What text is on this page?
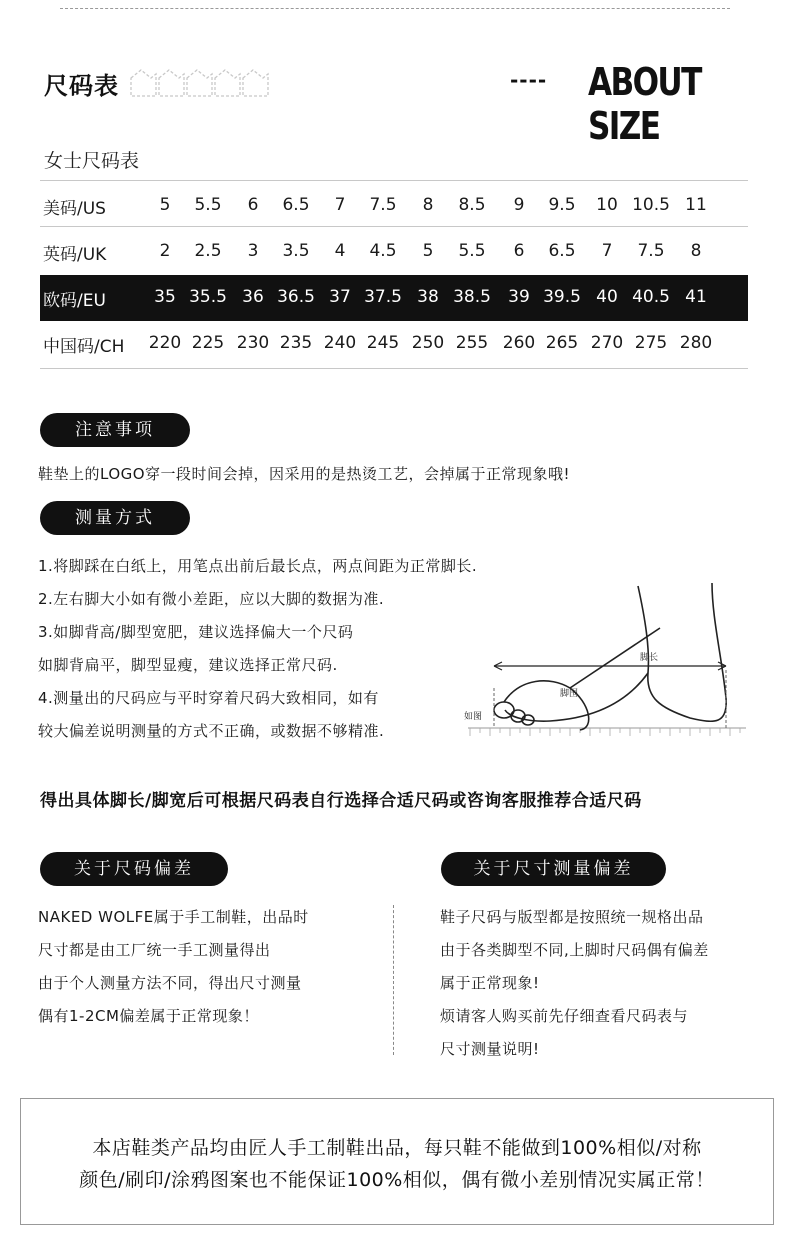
尺码表	---- ABOUT SIZE
女士尺码表
美码/US	5	5.5	6	6.5	7	7.5	8	8.5	9	9.5	10 10.5 11
英码/UK	2	2.5	3	3.5	4	4.5	5	5.5	6	6.5	7	7.5	8
欧码/EU	35 35.5 36 36.5 37 37.5 38 38.5	39 39.5 40 40.5 41
中国码/CH	220 225 230 235 240 245 250 255 260 265 270 275 280
注意事项
鞋垫上的LOGO穿一段时间会掉，因采用的是热烫工艺，会掉属于正常现象哦!
测量方式
1.将脚踩在白纸上，用笔点出前后最长点，两点间距为正常脚长.
2.左右脚大小如有微小差距，应以大脚的数据为准.
3.如脚背高/脚型宽肥，建议选择偏大一个尺码
如脚背扁平，脚型显瘦，建议选择正常尺码.
4.测量出的尺码应与平时穿着尺码大致相同，如有
较大偏差说明测量的方式不正确，或数据不够精准.
脚长
脚围
如图
得出具体脚长/脚宽后可根据尺码表自行选择合适尺码或咨询客服推荐合适尺码
关于尺码偏差
NAKED WOLFE属于手工制鞋，出品时
尺寸都是由工厂统一手工测量得出
由于个人测量方法不同，得出尺寸测量
偶有1-2CM偏差属于正常现象！
关于尺寸测量偏差
鞋子尺码与版型都是按照统一规格出品
由于各类脚型不同,上脚时尺码偶有偏差
属于正常现象!
烦请客人购买前先仔细查看尺码表与
尺寸测量说明!
本店鞋类产品均由匠人手工制鞋出品，每只鞋不能做到100%相似/对称
颜色/刷印/涂鸦图案也不能保证100%相似，偶有微小差别情况实属正常！
